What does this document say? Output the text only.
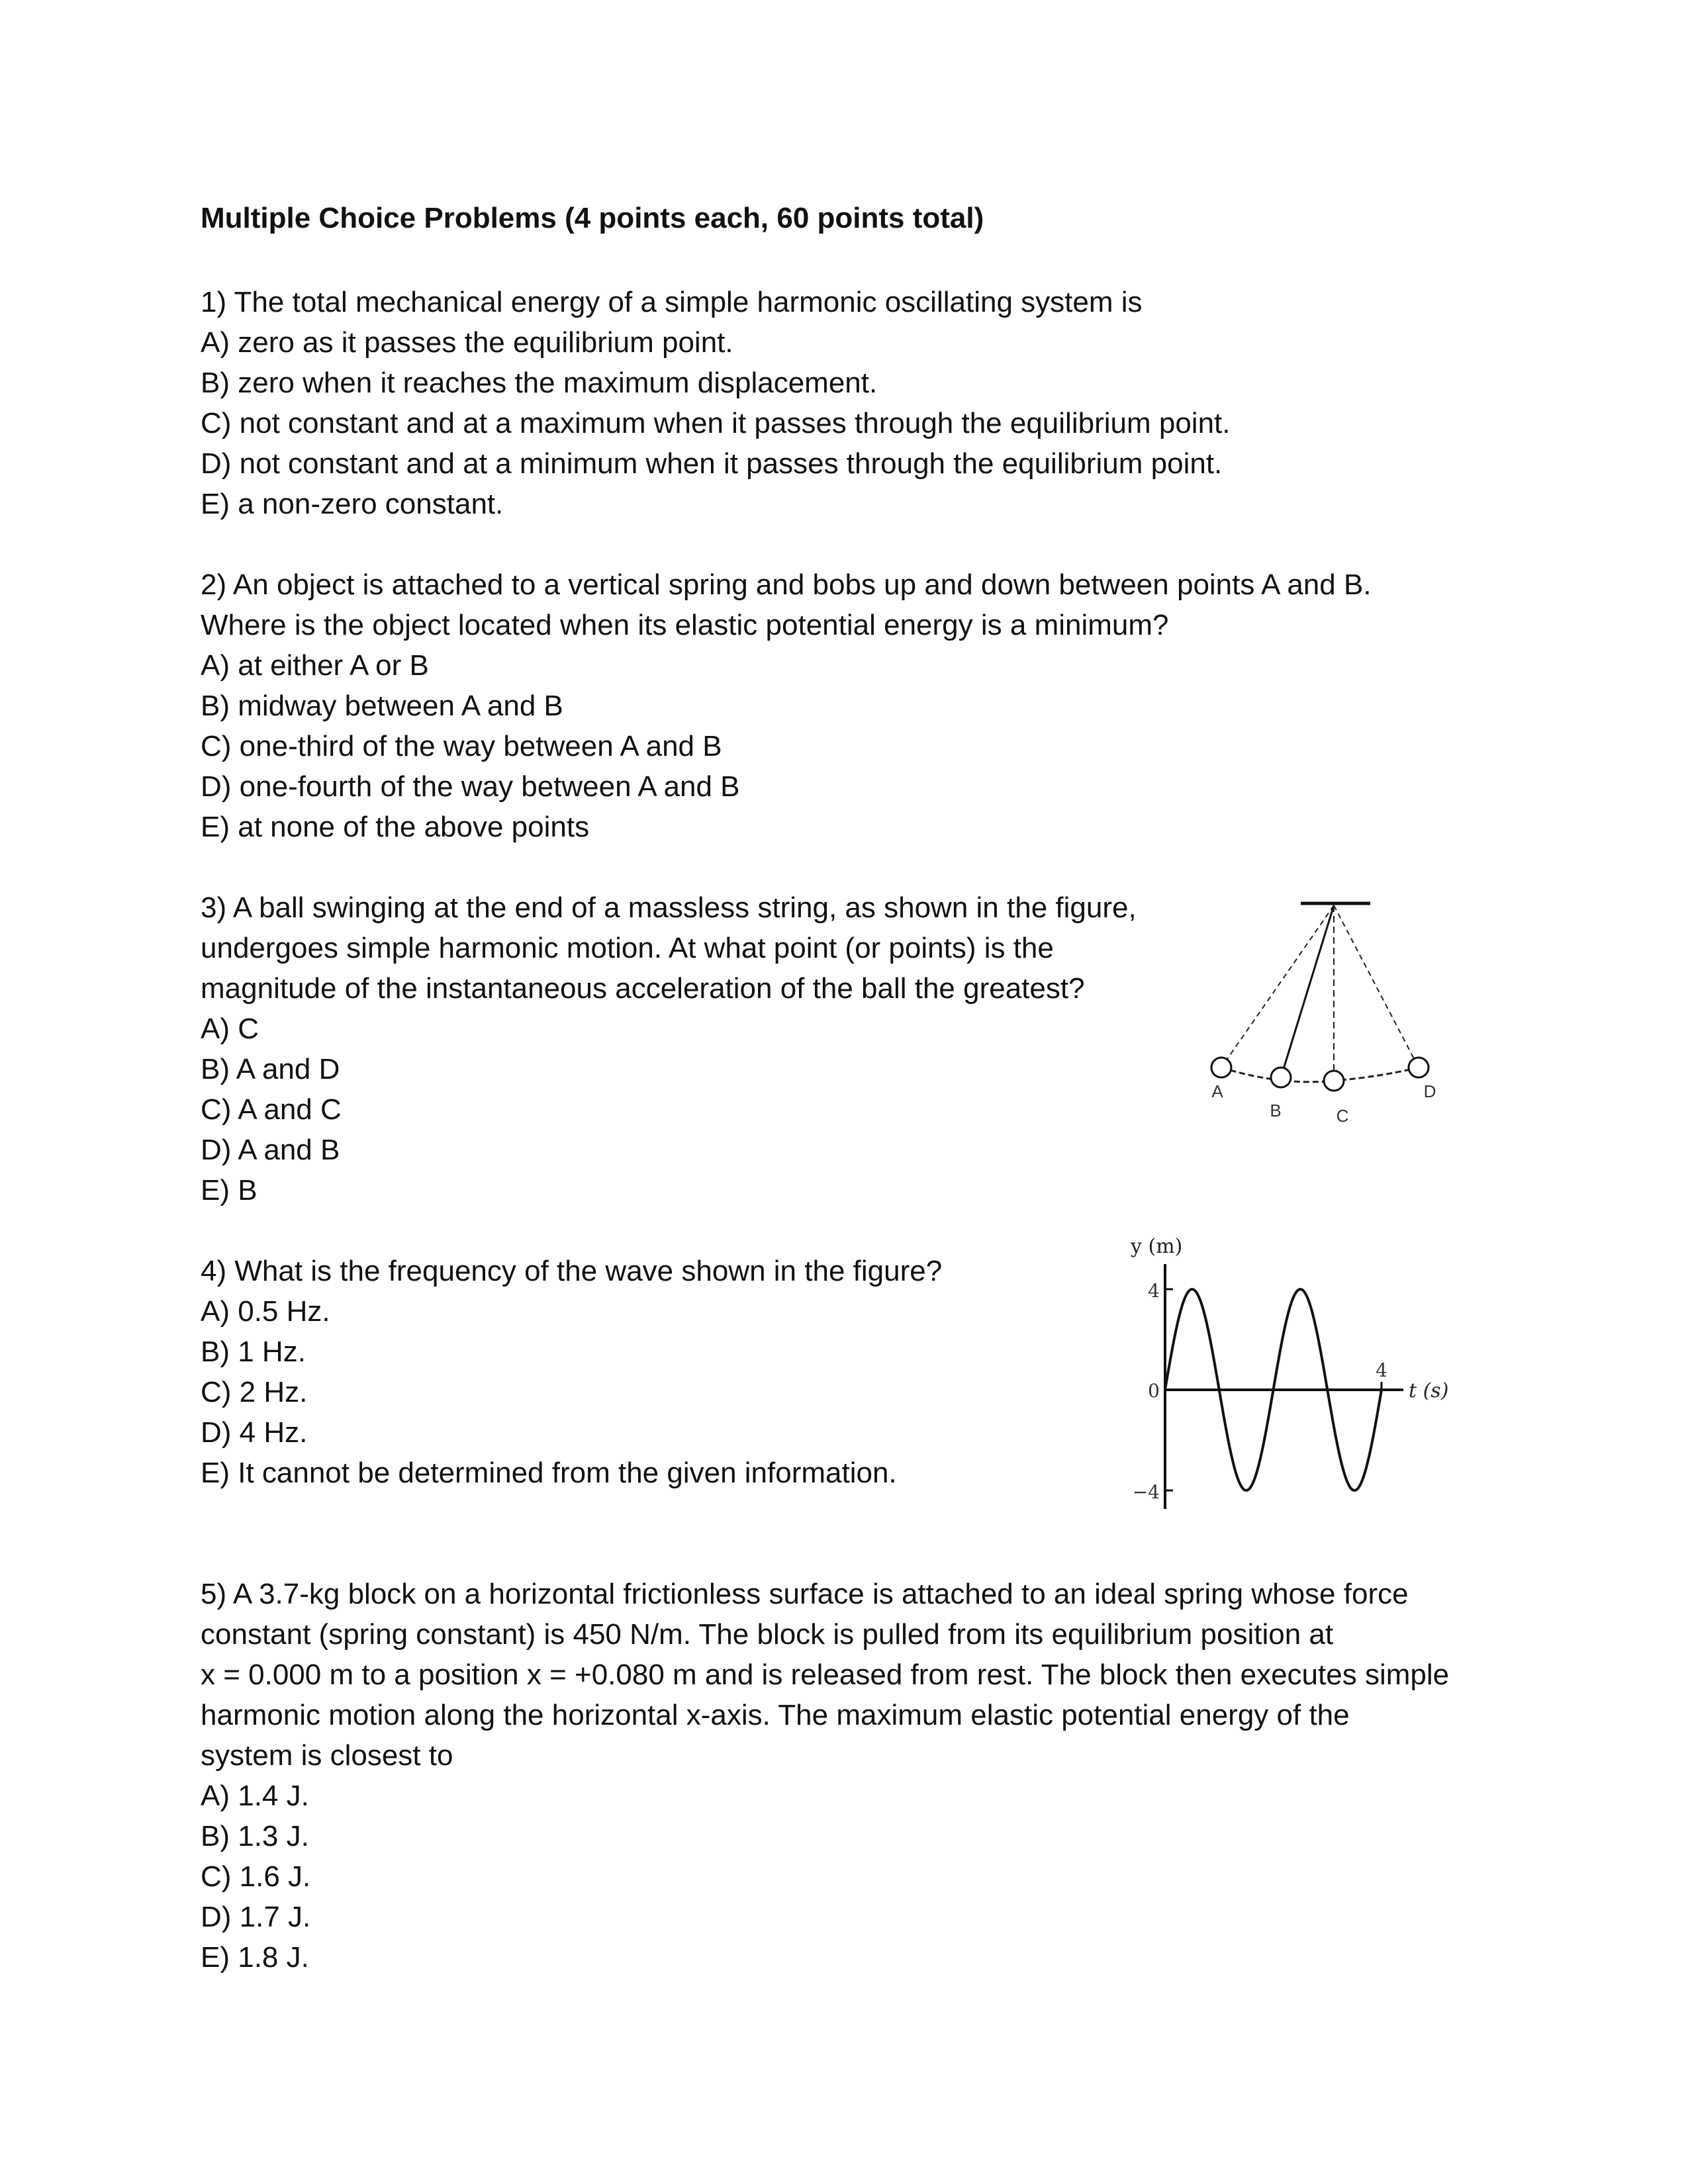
Multiple Choice Problems (4 points each, 60 points total)
1) The total mechanical energy of a simple harmonic oscillating system is
A) zero as it passes the equilibrium point.
B) zero when it reaches the maximum displacement.
C) not constant and at a maximum when it passes through the equilibrium point.
D) not constant and at a minimum when it passes through the equilibrium point.
E) a non-zero constant.
2) An object is attached to a vertical spring and bobs up and down between points A and B.
Where is the object located when its elastic potential energy is a minimum?
A) at either A or B
B) midway between A and B
C) one-third of the way between A and B
D) one-fourth of the way between A and B
E) at none of the above points
3) A ball swinging at the end of a massless string, as shown in the figure,
undergoes simple harmonic motion. At what point (or points) is the
magnitude of the instantaneous acceleration of the ball the greatest?
A) C
B) A and D
C) A and C
D) A and B
E) B
A
B	C
D
4) What is the frequency of the wave shown in the figure?
A) 0.5 Hz.
B) 1 Hz.
C) 2 Hz.
D) 4 Hz.
E) It cannot be determined from the given information.
y (m)
4
0
−4
4
t (s)
5) A 3.7-kg block on a horizontal frictionless surface is attached to an ideal spring whose force
constant (spring constant) is 450 N/m. The block is pulled from its equilibrium position at
x = 0.000 m to a position x = +0.080 m and is released from rest. The block then executes simple
harmonic motion along the horizontal x-axis. The maximum elastic potential energy of the
system is closest to
A) 1.4 J.
B) 1.3 J.
C) 1.6 J.
D) 1.7 J.
E) 1.8 J.
